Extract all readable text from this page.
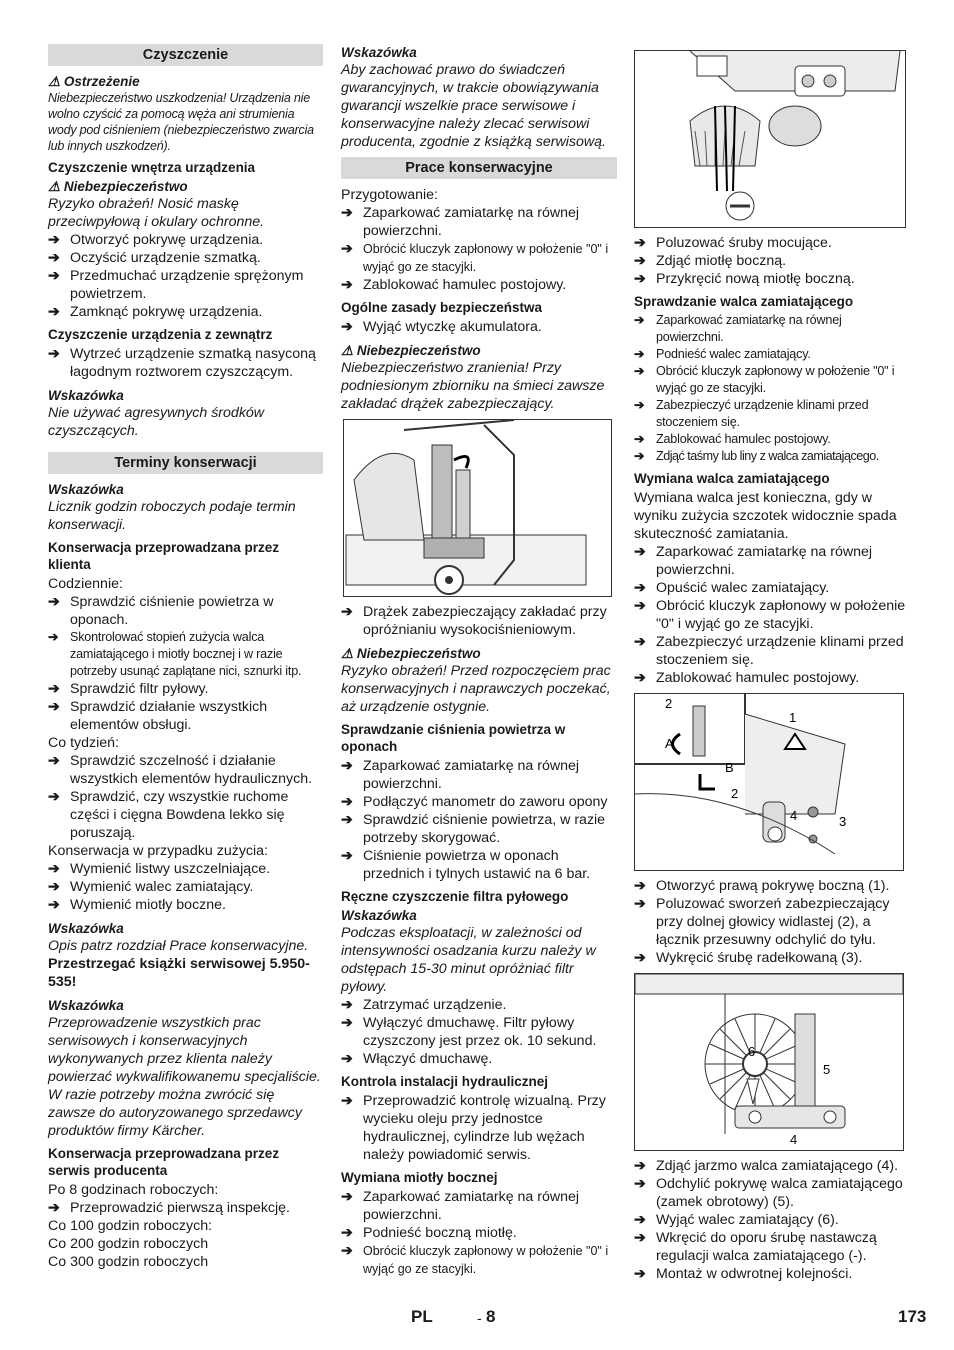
Czyszczenie
⚠ Ostrzeżenie
Niebezpieczeństwo uszkodzenia! Urządzenia nie wolno czyścić za pomocą węża ani strumienia wody pod ciśnieniem (niebezpieczeństwo zwarcia lub innych uszkodzeń).
Czyszczenie wnętrza urządzenia
⚠ Niebezpieczeństwo
Ryzyko obrażeń! Nosić maskę przeciwpyłową i okulary ochronne.
➔ Otworzyć pokrywę urządzenia.
➔ Oczyścić urządzenie szmatką.
➔ Przedmuchać urządzenie sprężonym powietrzem.
➔ Zamknąć pokrywę urządzenia.
Czyszczenie urządzenia z zewnątrz
➔ Wytrzeć urządzenie szmatką nasyconą łagodnym roztworem czyszczącym.
Wskazówka
Nie używać agresywnych środków czyszczących.
Terminy konserwacji
Wskazówka
Licznik godzin roboczych podaje termin konserwacji.
Konserwacja przeprowadzana przez klienta
Codziennie:
➔ Sprawdzić ciśnienie powietrza w oponach.
➔ Skontrolować stopień zużycia walca zamiatającego i miotły bocznej i w razie potrzeby usunąć zaplątane nici, sznurki itp.
➔ Sprawdzić filtr pyłowy.
➔ Sprawdzić działanie wszystkich elementów obsługi.
Co tydzień:
➔ Sprawdzić szczelność i działanie wszystkich elementów hydraulicznych.
➔ Sprawdzić, czy wszystkie ruchome części i cięgna Bowdena lekko się poruszają.
Konserwacja w przypadku zużycia:
➔ Wymienić listwy uszczelniające.
➔ Wymienić walec zamiatający.
➔ Wymienić miotły boczne.
Wskazówka
Opis patrz rozdział Prace konserwacyjne.
Przestrzegać książki serwisowej 5.950-535!
Wskazówka
Przeprowadzenie wszystkich prac serwisowych i konserwacyjnych wykonywanych przez klienta należy powierzać wykwalifikowanemu specjaliście. W razie potrzeby można zwrócić się zawsze do autoryzowanego sprzedawcy produktów firmy Kärcher.
Konserwacja przeprowadzana przez serwis producenta
Po 8 godzinach roboczych:
➔ Przeprowadzić pierwszą inspekcję.
Co 100 godzin roboczych:
Co 200 godzin roboczych
Co 300 godzin roboczych
Wskazówka
Aby zachować prawo do świadczeń gwarancyjnych, w trakcie obowiązywania gwarancji wszelkie prace serwisowe i konserwacyjne należy zlecać serwisowi producenta, zgodnie z książką serwisową.
Prace konserwacyjne
Przygotowanie:
➔ Zaparkować zamiatarkę na równej powierzchni.
➔ Obrócić kluczyk zapłonowy w położenie "0" i wyjąć go ze stacyjki.
➔ Zablokować hamulec postojowy.
Ogólne zasady bezpieczeństwa
➔ Wyjąć wtyczkę akumulatora.
⚠ Niebezpieczeństwo
Niebezpieczeństwo zranienia! Przy podniesionym zbiorniku na śmieci zawsze zakładać drążek zabezpieczający.
➔ Drążek zabezpieczający zakładać przy opróżnianiu wysokociśnieniowym.
⚠ Niebezpieczeństwo
Ryzyko obrażeń! Przed rozpoczęciem prac konserwacyjnych i naprawczych poczekać, aż urządzenie ostygnie.
Sprawdzanie ciśnienia powietrza w oponach
➔ Zaparkować zamiatarkę na równej powierzchni.
➔ Podłączyć manometr do zaworu opony
➔ Sprawdzić ciśnienie powietrza, w razie potrzeby skorygować.
➔ Ciśnienie powietrza w oponach przednich i tylnych ustawić na 6 bar.
Ręczne czyszczenie filtra pyłowego
Wskazówka
Podczas eksploatacji, w zależności od intensywności osadzania kurzu należy w odstępach 15-30 minut opróżniać filtr pyłowy.
➔ Zatrzymać urządzenie.
➔ Wyłączyć dmuchawę. Filtr pyłowy czyszczony jest przez ok. 10 sekund.
➔ Włączyć dmuchawę.
Kontrola instalacji hydraulicznej
➔ Przeprowadzić kontrolę wizualną. Przy wycieku oleju przy jednostce hydraulicznej, cylindrze lub wężach należy powiadomić serwis.
Wymiana miotły bocznej
➔ Zaparkować zamiatarkę na równej powierzchni.
➔ Podnieść boczną miotłę.
➔ Obrócić kluczyk zapłonowy w położenie "0" i wyjąć go ze stacyjki.
➔ Poluzować śruby mocujące.
➔ Zdjąć miotłę boczną.
➔ Przykręcić nową miotłę boczną.
Sprawdzanie walca zamiatającego
➔ Zaparkować zamiatarkę na równej powierzchni.
➔ Podnieść walec zamiatający.
➔ Obrócić kluczyk zapłonowy w położenie "0" i wyjąć go ze stacyjki.
➔ Zabezpieczyć urządzenie klinami przed stoczeniem się.
➔ Zablokować hamulec postojowy.
➔ Zdjąć taśmy lub liny z walca zamiatającego.
Wymiana walca zamiatającego
Wymiana walca jest konieczna, gdy w wyniku zużycia szczotek widocznie spada skuteczność zamiatania.
➔ Zaparkować zamiatarkę na równej powierzchni.
➔ Opuścić walec zamiatający.
➔ Obrócić kluczyk zapłonowy w położenie "0" i wyjąć go ze stacyjki.
➔ Zabezpieczyć urządzenie klinami przed stoczeniem się.
➔ Zablokować hamulec postojowy.
2
A
B
1
2
4	3
➔ Otworzyć prawą pokrywę boczną (1).
➔ Poluzować sworzeń zabezpieczający przy dolnej głowicy widlastej (2), a łącznik przesuwny odchylić do tyłu.
➔ Wykręcić śrubę radełkowaną (3).
6
5
4
➔ Zdjąć jarzmo walca zamiatającego (4).
➔ Odchylić pokrywę walca zamiatającego (zamek obrotowy) (5).
➔ Wyjąć walec zamiatający (6).
➔ Wkręcić do oporu śrubę nastawczą regulacji walca zamiatającego (-).
➔ Montaż w odwrotnej kolejności.
PL	- 8	173
